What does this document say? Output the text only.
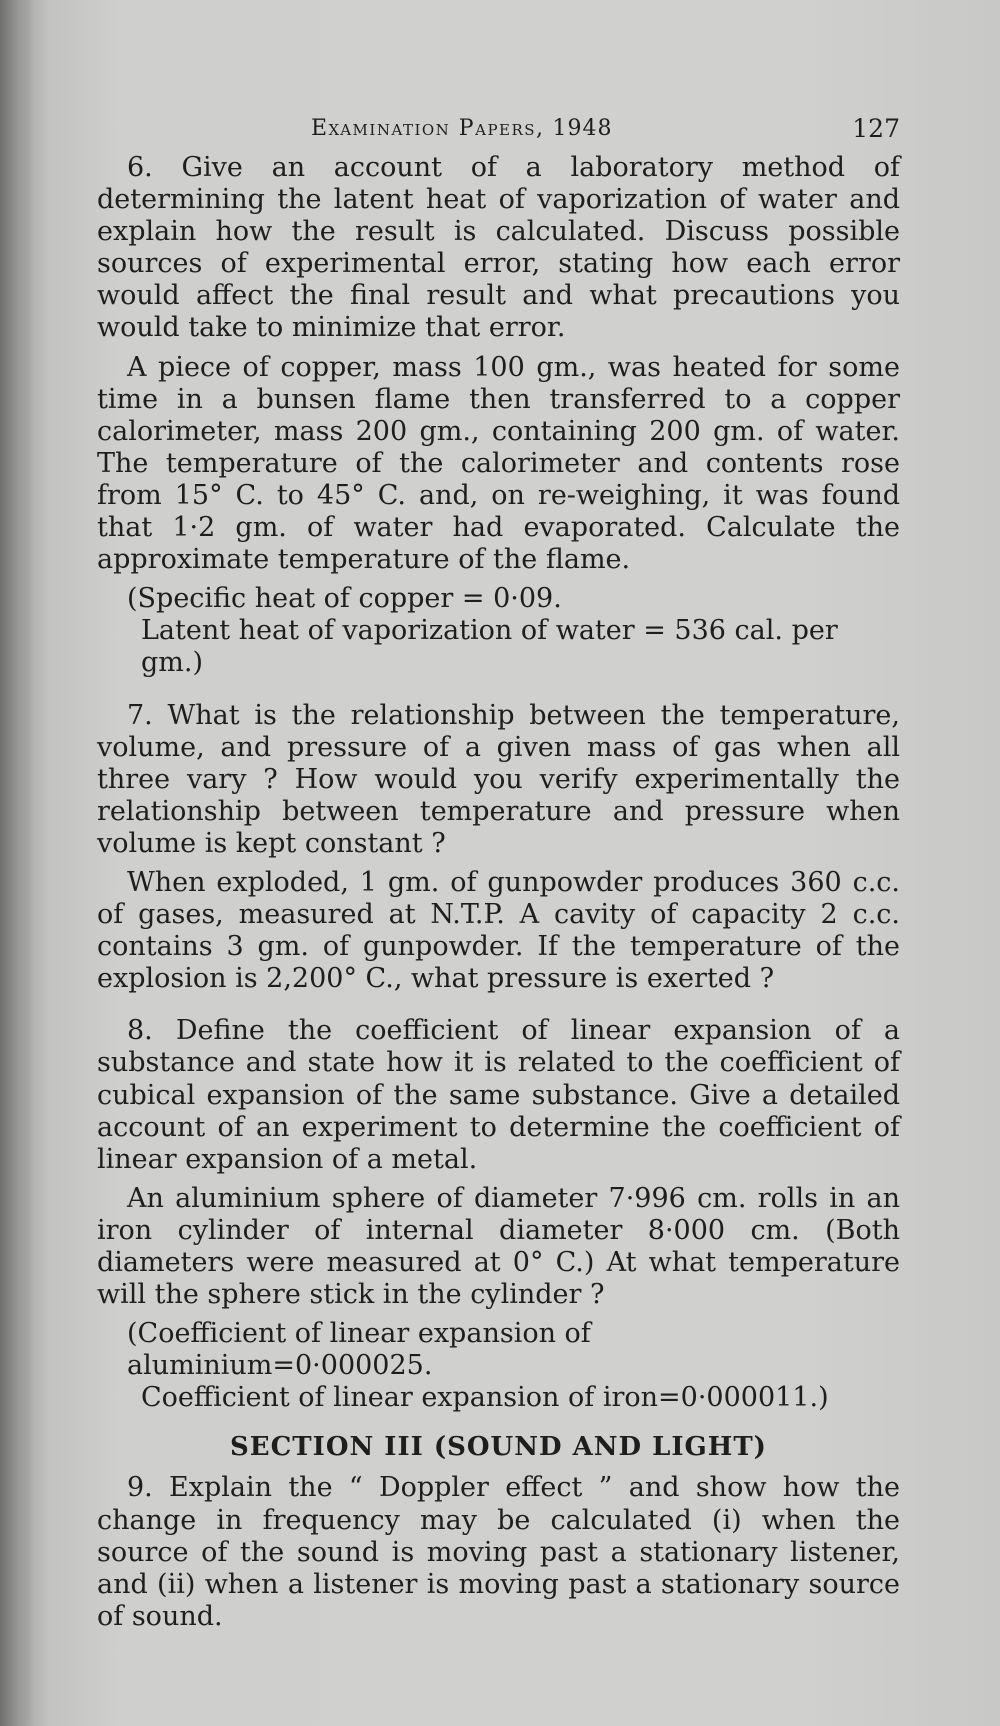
Examination Papers, 1948	127

6. Give an account of a laboratory method of determining the latent heat of vaporization of water and explain how the result is calculated. Discuss possible sources of experimental error, stating how each error would affect the final result and what precautions you would take to minimize that error.

A piece of copper, mass 100 gm., was heated for some time in a bunsen flame then transferred to a copper calorimeter, mass 200 gm., containing 200 gm. of water. The temperature of the calorimeter and contents rose from 15° C. to 45° C. and, on re-weighing, it was found that 1·2 gm. of water had evaporated. Calculate the approximate temperature of the flame.

(Specific heat of copper = 0·09.

Latent heat of vaporization of water = 536 cal. per gm.)

7. What is the relationship between the temperature, volume, and pressure of a given mass of gas when all three vary ? How would you verify experimentally the relationship between temperature and pressure when volume is kept constant ?

When exploded, 1 gm. of gunpowder produces 360 c.c. of gases, measured at N.T.P. A cavity of capacity 2 c.c. contains 3 gm. of gunpowder. If the temperature of the explosion is 2,200° C., what pressure is exerted ?

8. Define the coefficient of linear expansion of a substance and state how it is related to the coefficient of cubical expansion of the same substance. Give a detailed account of an experiment to determine the coefficient of linear expansion of a metal.

An aluminium sphere of diameter 7·996 cm. rolls in an iron cylinder of internal diameter 8·000 cm. (Both diameters were measured at 0° C.) At what temperature will the sphere stick in the cylinder ?

(Coefficient of linear expansion of aluminium=0·000025.

Coefficient of linear expansion of iron=0·000011.)

SECTION III (SOUND AND LIGHT)

9. Explain the “ Doppler effect ” and show how the change in frequency may be calculated (i) when the source of the sound is moving past a stationary listener, and (ii) when a listener is moving past a stationary source of sound.
